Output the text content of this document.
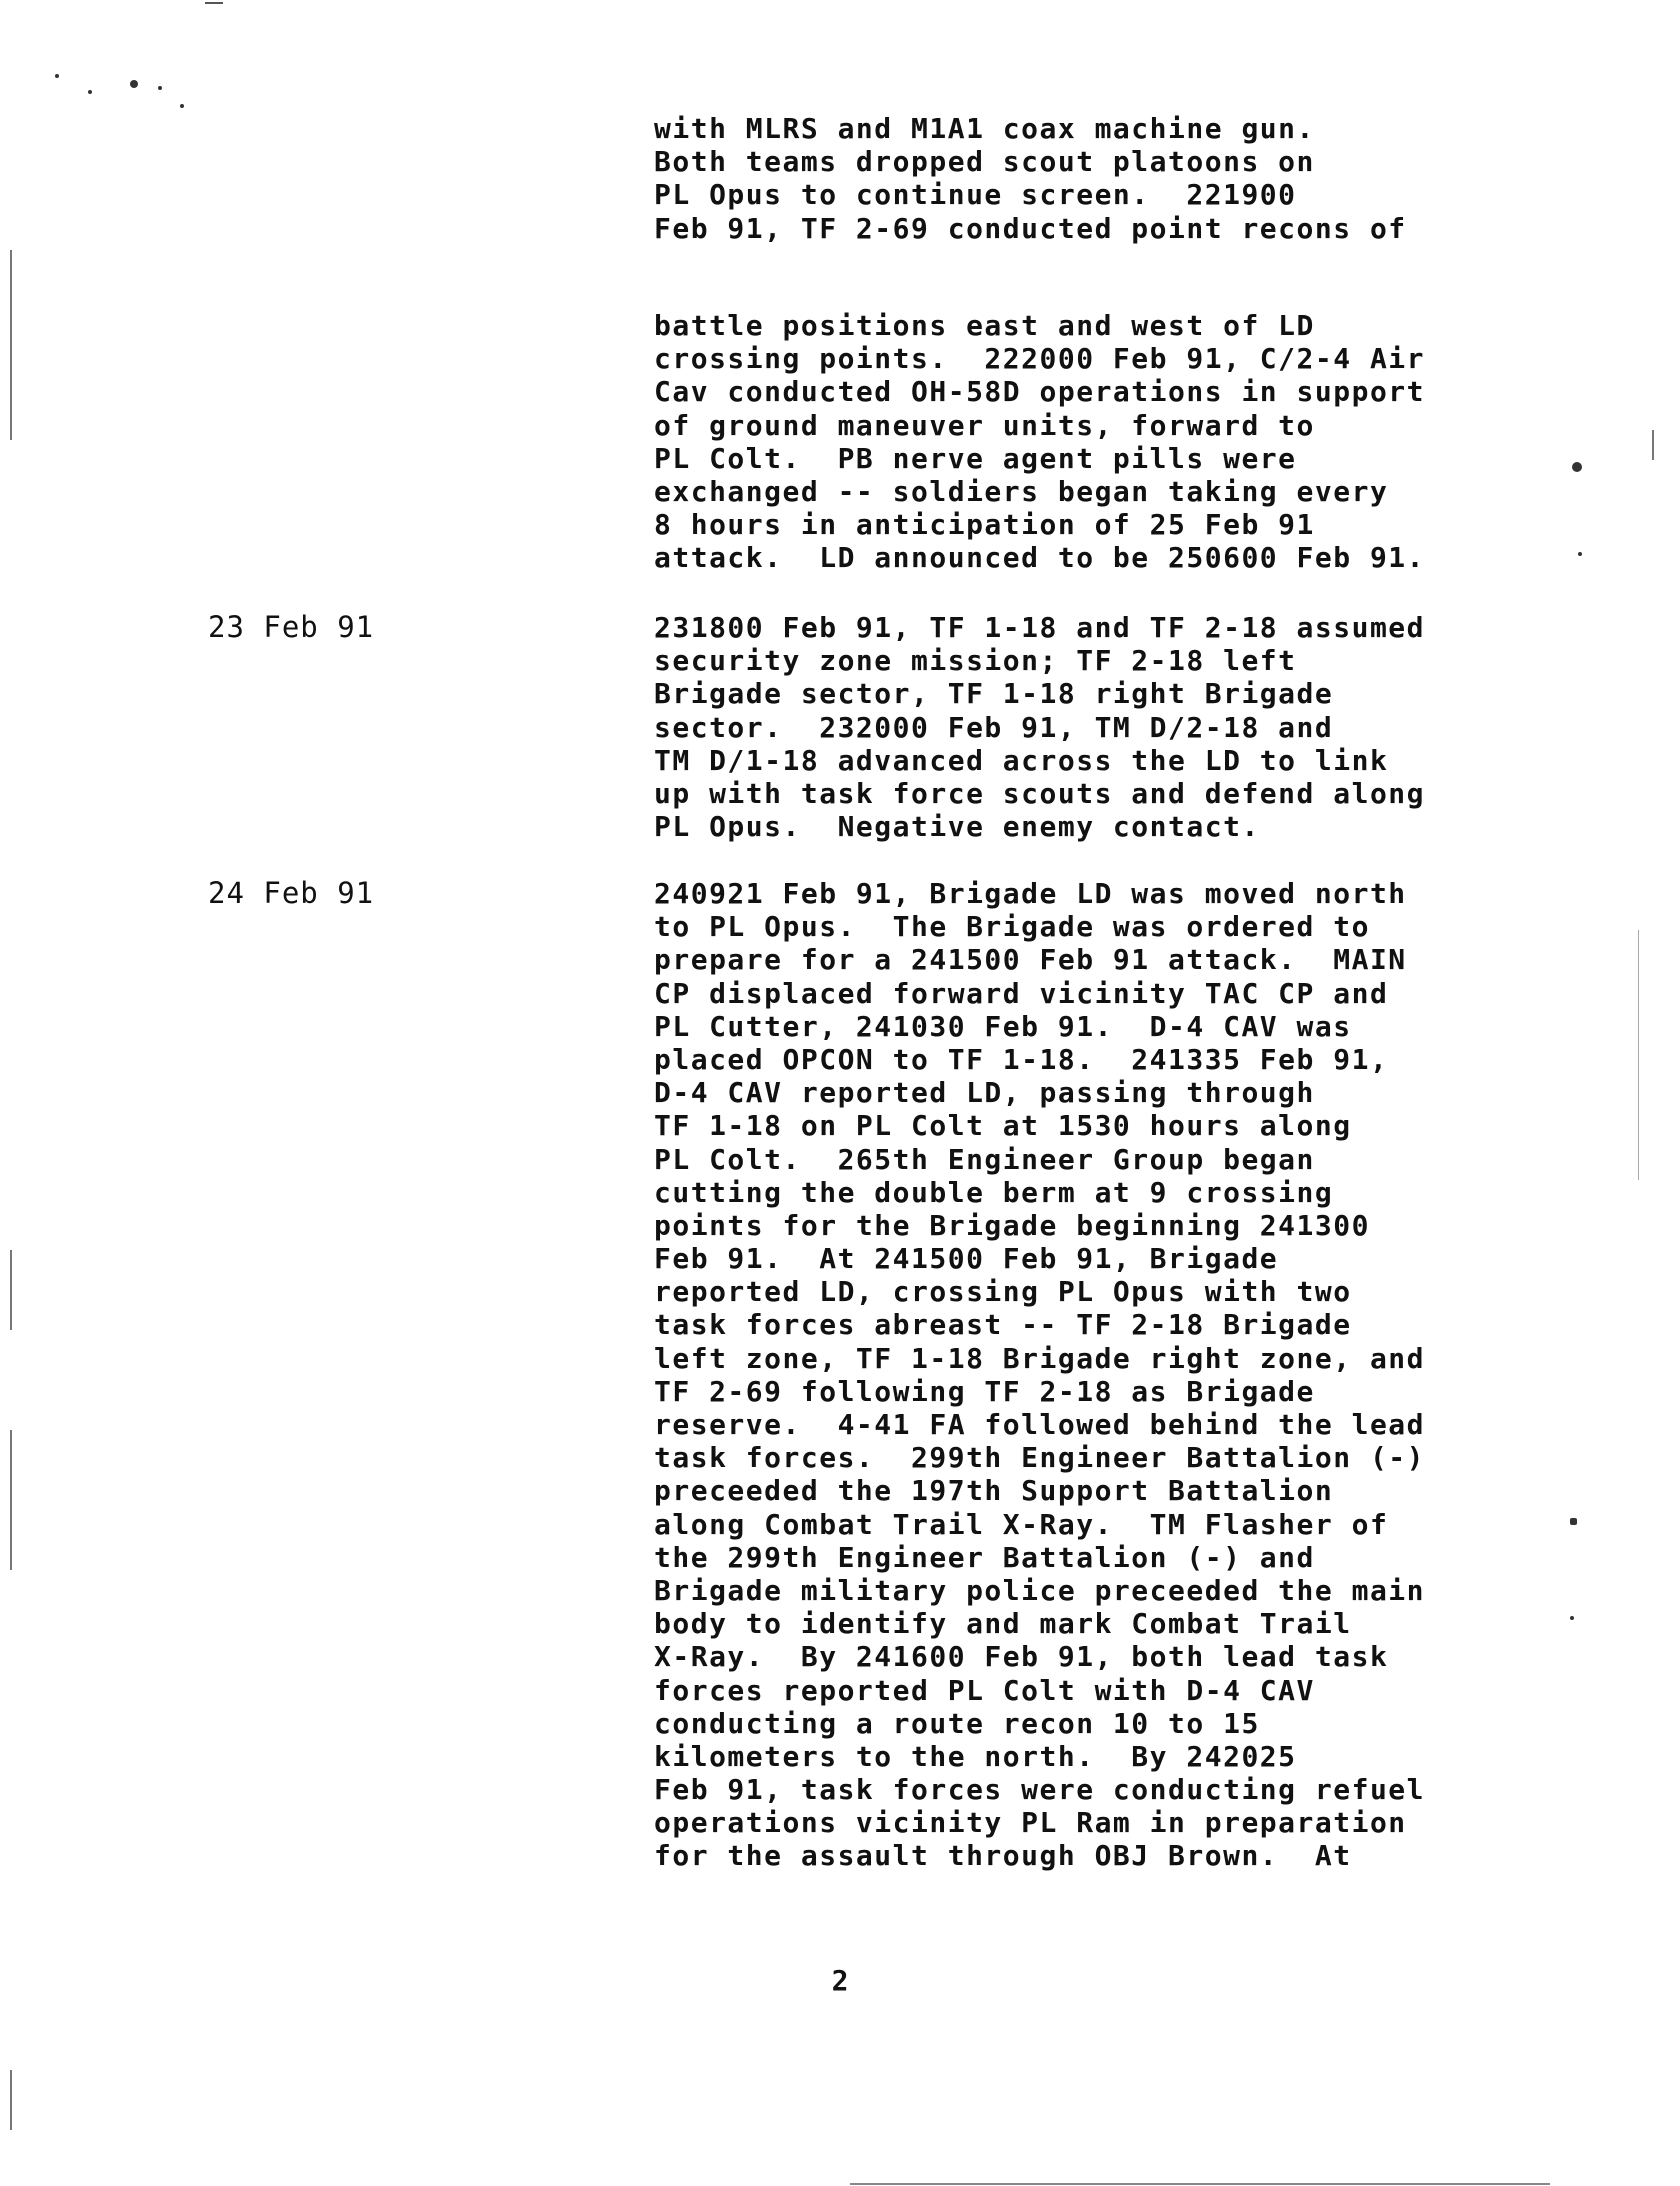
with MLRS and M1A1 coax machine gun.
Both teams dropped scout platoons on
PL Opus to continue screen.  221900
Feb 91, TF 2-69 conducted point recons of
battle positions east and west of LD
crossing points.  222000 Feb 91, C/2-4 Air
Cav conducted OH-58D operations in support
of ground maneuver units, forward to
PL Colt.  PB nerve agent pills were
exchanged -- soldiers began taking every
8 hours in anticipation of 25 Feb 91
attack.  LD announced to be 250600 Feb 91.
23 Feb 91	231800 Feb 91, TF 1-18 and TF 2-18 assumed
security zone mission; TF 2-18 left
Brigade sector, TF 1-18 right Brigade
sector.  232000 Feb 91, TM D/2-18 and
TM D/1-18 advanced across the LD to link
up with task force scouts and defend along
PL Opus.  Negative enemy contact.
24 Feb 91	240921 Feb 91, Brigade LD was moved north
to PL Opus.  The Brigade was ordered to
prepare for a 241500 Feb 91 attack.  MAIN
CP displaced forward vicinity TAC CP and
PL Cutter, 241030 Feb 91.  D-4 CAV was
placed OPCON to TF 1-18.  241335 Feb 91,
D-4 CAV reported LD, passing through
TF 1-18 on PL Colt at 1530 hours along
PL Colt.  265th Engineer Group began
cutting the double berm at 9 crossing
points for the Brigade beginning 241300
Feb 91.  At 241500 Feb 91, Brigade
reported LD, crossing PL Opus with two
task forces abreast -- TF 2-18 Brigade
left zone, TF 1-18 Brigade right zone, and
TF 2-69 following TF 2-18 as Brigade
reserve.  4-41 FA followed behind the lead
task forces.  299th Engineer Battalion (-)
preceeded the 197th Support Battalion
along Combat Trail X-Ray.  TM Flasher of
the 299th Engineer Battalion (-) and
Brigade military police preceeded the main
body to identify and mark Combat Trail
X-Ray.  By 241600 Feb 91, both lead task
forces reported PL Colt with D-4 CAV
conducting a route recon 10 to 15
kilometers to the north.  By 242025
Feb 91, task forces were conducting refuel
operations vicinity PL Ram in preparation
for the assault through OBJ Brown.  At
2
